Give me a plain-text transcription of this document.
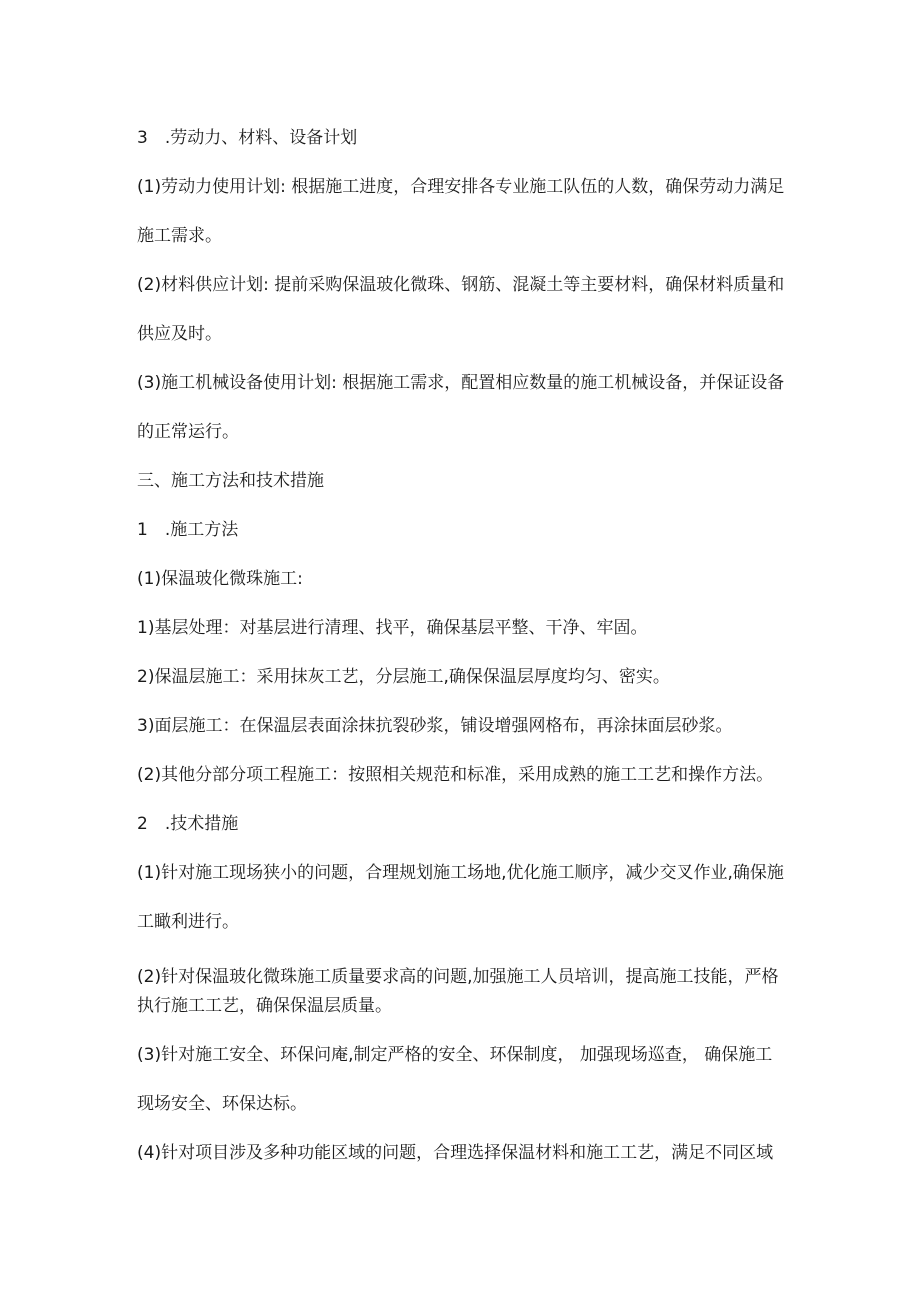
3　.劳动力、材料、设备计划
(1)劳动力使用计划: 根据施工进度，合理安排各专业施工队伍的人数，确保劳动力满足
施工需求。
(2)材料供应计划: 提前采购保温玻化微珠、钢筋、混凝土等主要材料，确保材料质量和
供应及时。
(3)施工机械设备使用计划: 根据施工需求，配置相应数量的施工机械设备，并保证设备
的正常运行。
三、施工方法和技术措施
1　.施工方法
(1)保温玻化微珠施工:
1)基层处理：对基层进行清理、找平，确保基层平整、干净、牢固。
2)保温层施工：采用抹灰工艺，分层施工,确保保温层厚度均匀、密实。
3)面层施工：在保温层表面涂抹抗裂砂浆，铺设增强网格布，再涂抹面层砂浆。
(2)其他分部分项工程施工：按照相关规范和标准，采用成熟的施工工艺和操作方法。
2　.技术措施
(1)针对施工现场狭小的问题，合理规划施工场地,优化施工顺序，减少交叉作业,确保施
工瞰利进行。
(2)针对保温玻化微珠施工质量要求高的问题,加强施工人员培训，提高施工技能，严格
执行施工工艺，确保保温层质量。
(3)针对施工安全、环保问庵,制定严格的安全、环保制度， 加强现场巡查， 确保施工
现场安全、环保达标。
(4)针对项目涉及多种功能区域的问题，合理选择保温材料和施工工艺，满足不同区域
